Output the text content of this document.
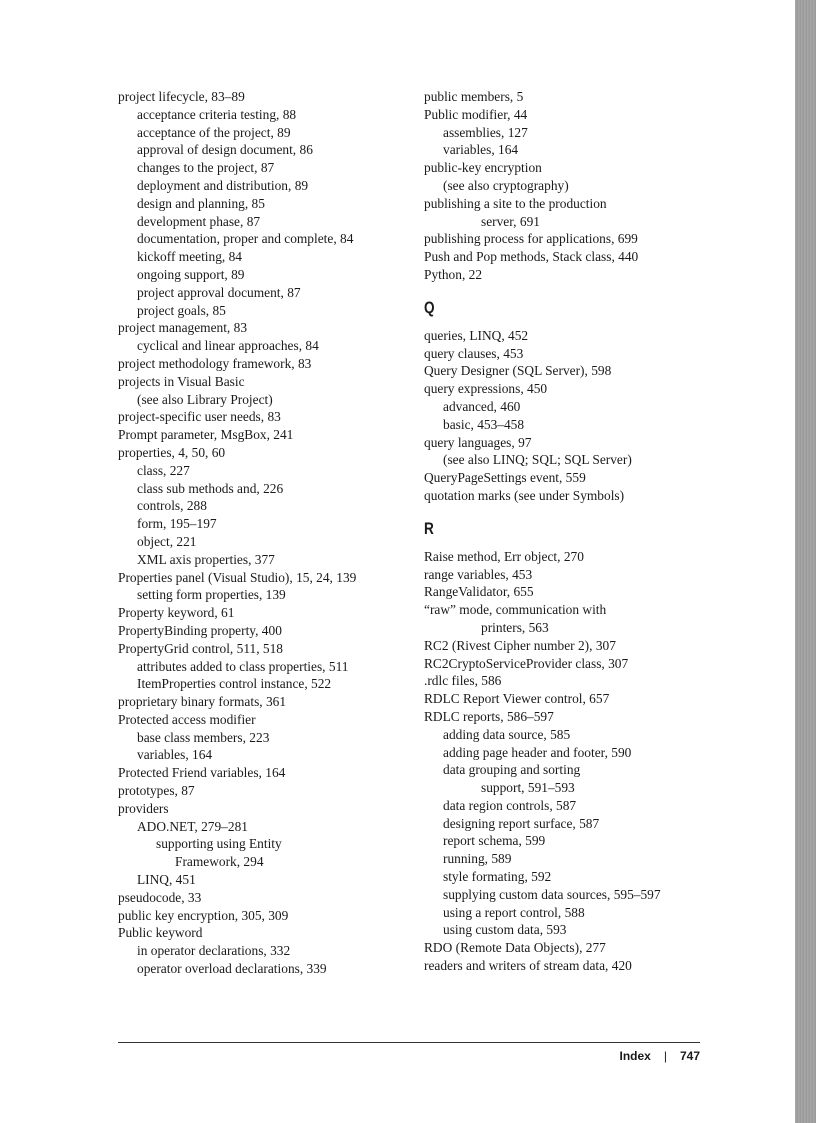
project lifecycle, 83–89
acceptance criteria testing, 88
acceptance of the project, 89
approval of design document, 86
changes to the project, 87
deployment and distribution, 89
design and planning, 85
development phase, 87
documentation, proper and complete, 84
kickoff meeting, 84
ongoing support, 89
project approval document, 87
project goals, 85
project management, 83
cyclical and linear approaches, 84
project methodology framework, 83
projects in Visual Basic
(see also Library Project)
project-specific user needs, 83
Prompt parameter, MsgBox, 241
properties, 4, 50, 60
class, 227
class sub methods and, 226
controls, 288
form, 195–197
object, 221
XML axis properties, 377
Properties panel (Visual Studio), 15, 24, 139
setting form properties, 139
Property keyword, 61
PropertyBinding property, 400
PropertyGrid control, 511, 518
attributes added to class properties, 511
ItemProperties control instance, 522
proprietary binary formats, 361
Protected access modifier
base class members, 223
variables, 164
Protected Friend variables, 164
prototypes, 87
providers
ADO.NET, 279–281
supporting using Entity
Framework, 294
LINQ, 451
pseudocode, 33
public key encryption, 305, 309
Public keyword
in operator declarations, 332
operator overload declarations, 339
public members, 5
Public modifier, 44
assemblies, 127
variables, 164
public-key encryption
(see also cryptography)
publishing a site to the production
server, 691
publishing process for applications, 699
Push and Pop methods, Stack class, 440
Python, 22
Q
queries, LINQ, 452
query clauses, 453
Query Designer (SQL Server), 598
query expressions, 450
advanced, 460
basic, 453–458
query languages, 97
(see also LINQ; SQL; SQL Server)
QueryPageSettings event, 559
quotation marks (see under Symbols)
R
Raise method, Err object, 270
range variables, 453
RangeValidator, 655
“raw” mode, communication with
printers, 563
RC2 (Rivest Cipher number 2), 307
RC2CryptoServiceProvider class, 307
.rdlc files, 586
RDLC Report Viewer control, 657
RDLC reports, 586–597
adding data source, 585
adding page header and footer, 590
data grouping and sorting
support, 591–593
data region controls, 587
designing report surface, 587
report schema, 599
running, 589
style formating, 592
supplying custom data sources, 595–597
using a report control, 588
using custom data, 593
RDO (Remote Data Objects), 277
readers and writers of stream data, 420
Index | 747
